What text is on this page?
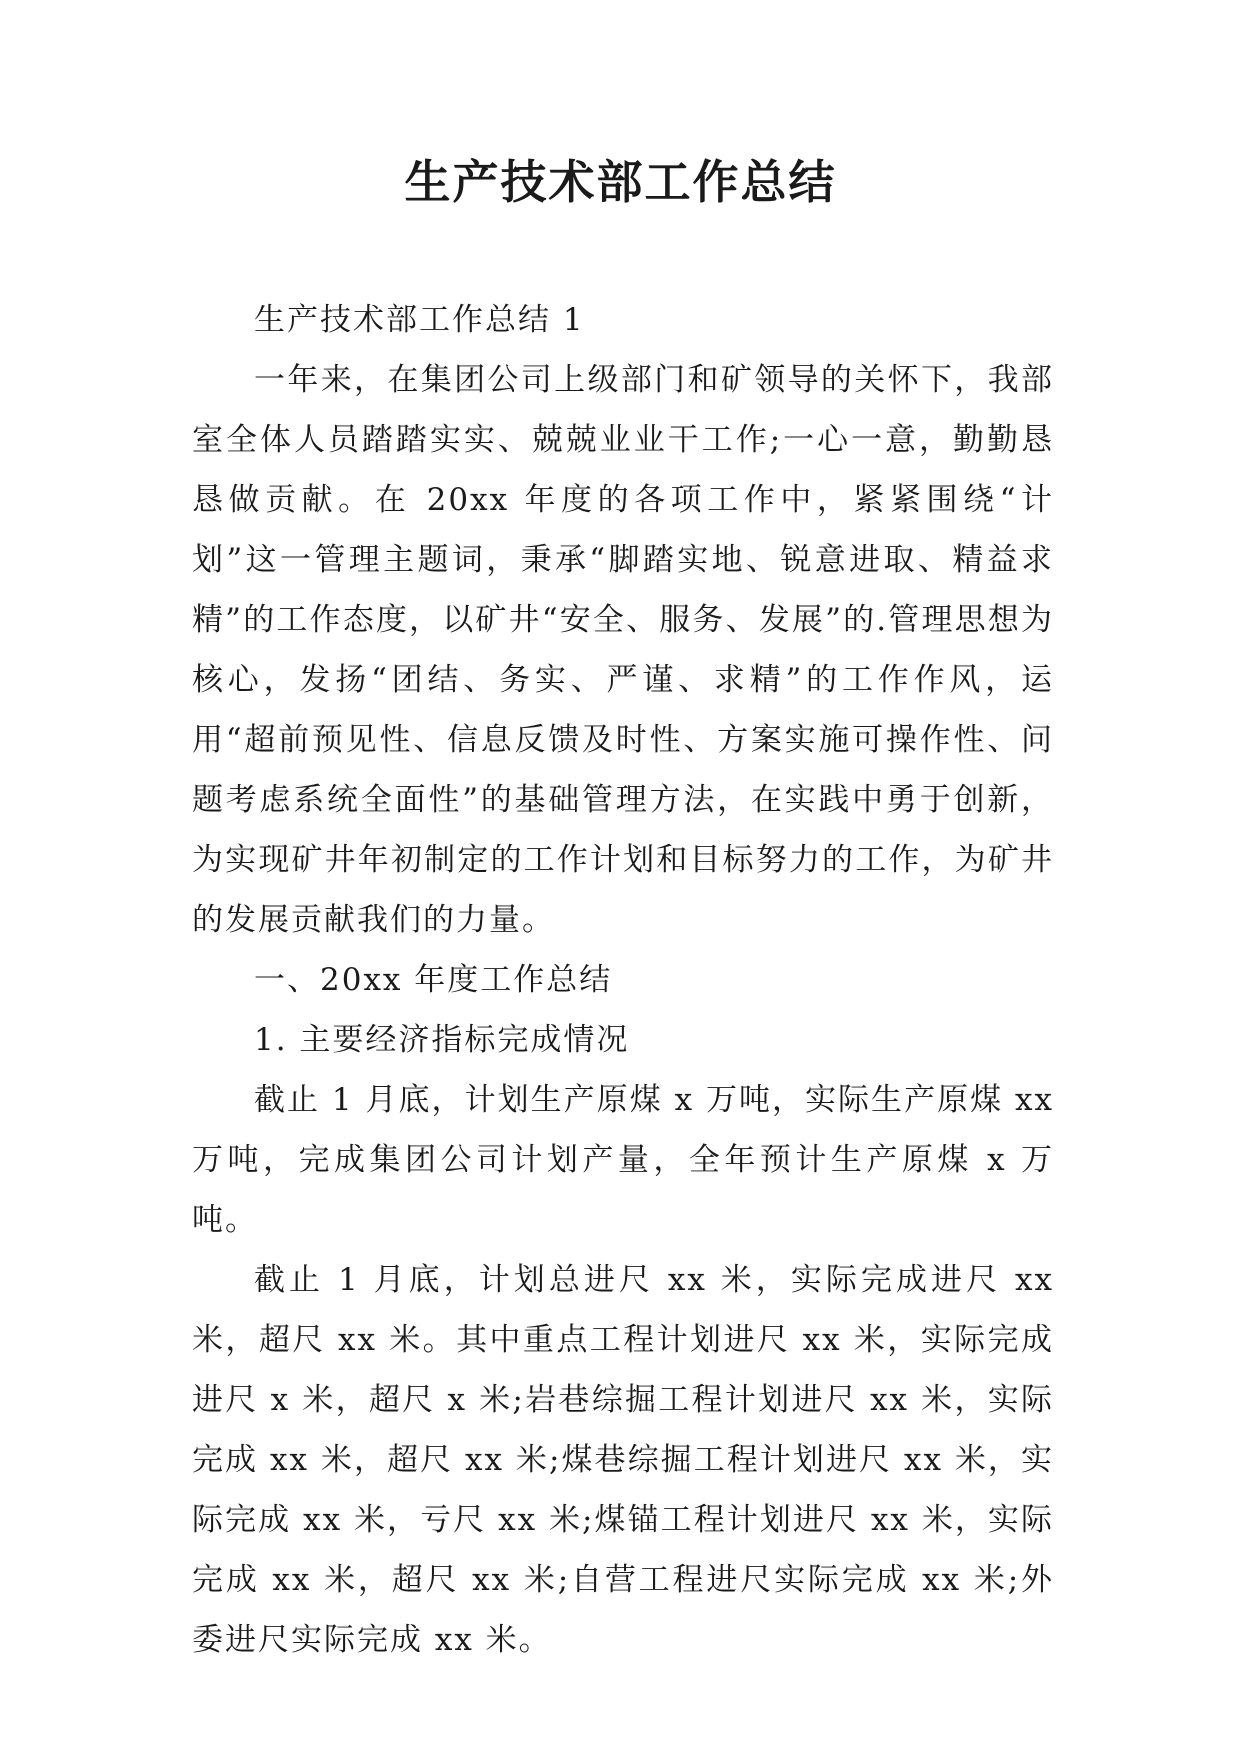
生产技术部工作总结

生产技术部工作总结 1

一年来，在集团公司上级部门和矿领导的关怀下，我部室全体人员踏踏实实、兢兢业业干工作;一心一意，勤勤恳恳做贡献。在 20xx 年度的各项工作中，紧紧围绕“计划”这一管理主题词，秉承“脚踏实地、锐意进取、精益求精”的工作态度，以矿井“安全、服务、发展”的.管理思想为核心，发扬“团结、务实、严谨、求精”的工作作风，运用“超前预见性、信息反馈及时性、方案实施可操作性、问题考虑系统全面性”的基础管理方法，在实践中勇于创新，为实现矿井年初制定的工作计划和目标努力的工作，为矿井的发展贡献我们的力量。

一、20xx 年度工作总结

1. 主要经济指标完成情况

截止 1 月底，计划生产原煤 x 万吨，实际生产原煤 xx 万吨，完成集团公司计划产量，全年预计生产原煤 x 万吨。

截止 1 月底，计划总进尺 xx 米，实际完成进尺 xx 米，超尺 xx 米。其中重点工程计划进尺 xx 米，实际完成进尺 x 米，超尺 x 米;岩巷综掘工程计划进尺 xx 米，实际完成 xx 米，超尺 xx 米;煤巷综掘工程计划进尺 xx 米，实际完成 xx 米，亏尺 xx 米;煤锚工程计划进尺 xx 米，实际完成 xx 米，超尺 xx 米;自营工程进尺实际完成 xx 米;外委进尺实际完成 xx 米。
